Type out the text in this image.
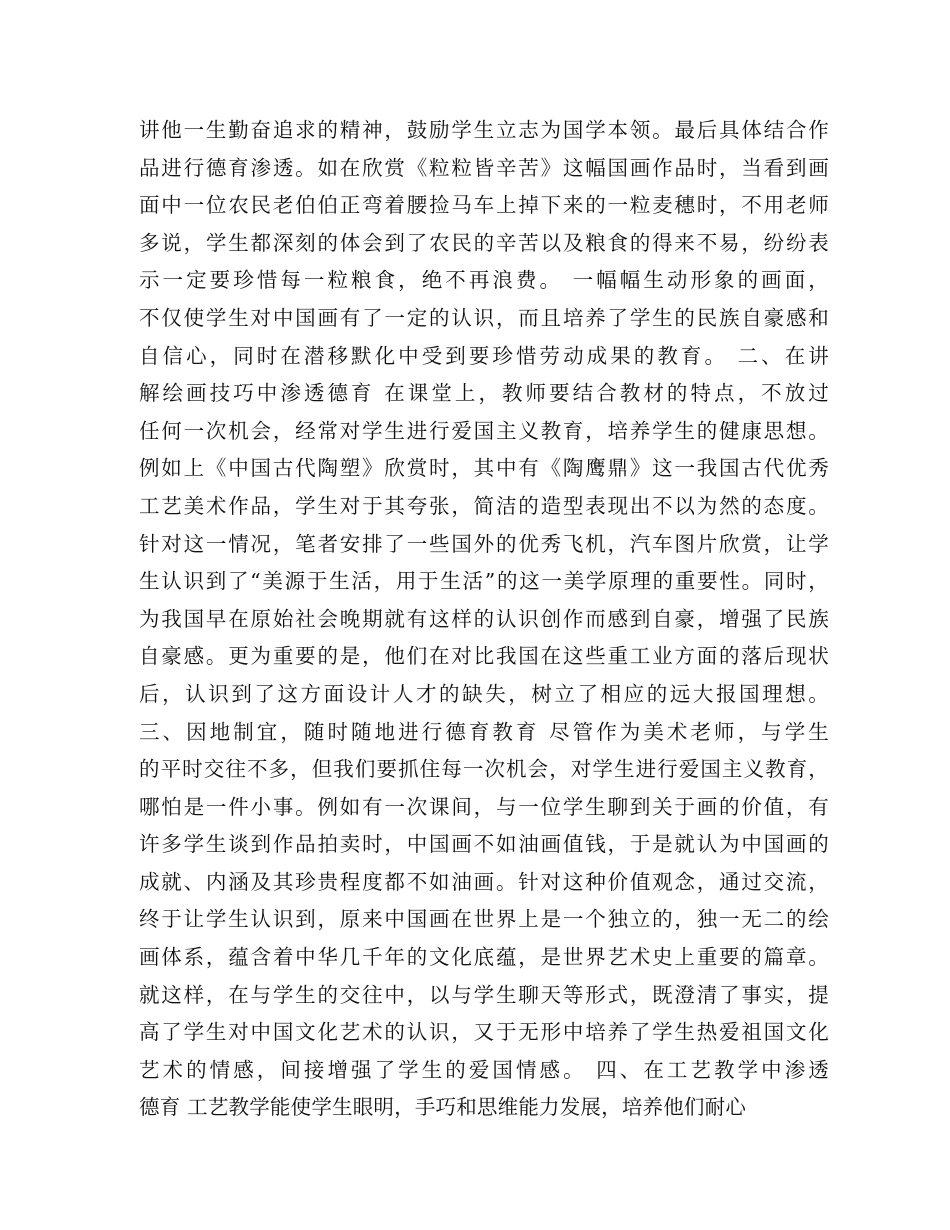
讲他一生勤奋追求的精神，鼓励学生立志为国学本领。最后具体结合作
品进行德育渗透。如在欣赏《粒粒皆辛苦》这幅国画作品时，当看到画
面中一位农民老伯伯正弯着腰捡马车上掉下来的一粒麦穗时，不用老师
多说，学生都深刻的体会到了农民的辛苦以及粮食的得来不易，纷纷表
示一定要珍惜每一粒粮食，绝不再浪费。 一幅幅生动形象的画面，
不仅使学生对中国画有了一定的认识，而且培养了学生的民族自豪感和
自信心，同时在潜移默化中受到要珍惜劳动成果的教育。 二、在讲
解绘画技巧中渗透德育 在课堂上，教师要结合教材的特点，不放过
任何一次机会，经常对学生进行爱国主义教育，培养学生的健康思想。
例如上《中国古代陶塑》欣赏时，其中有《陶鹰鼎》这一我国古代优秀
工艺美术作品，学生对于其夸张，简洁的造型表现出不以为然的态度。
针对这一情况，笔者安排了一些国外的优秀飞机，汽车图片欣赏，让学
生认识到了“美源于生活，用于生活”的这一美学原理的重要性。同时，
为我国早在原始社会晚期就有这样的认识创作而感到自豪，增强了民族
自豪感。更为重要的是，他们在对比我国在这些重工业方面的落后现状
后，认识到了这方面设计人才的缺失，树立了相应的远大报国理想。
三、因地制宜，随时随地进行德育教育 尽管作为美术老师，与学生
的平时交往不多，但我们要抓住每一次机会，对学生进行爱国主义教育，
哪怕是一件小事。例如有一次课间，与一位学生聊到关于画的价值，有
许多学生谈到作品拍卖时，中国画不如油画值钱，于是就认为中国画的
成就、内涵及其珍贵程度都不如油画。针对这种价值观念，通过交流，
终于让学生认识到，原来中国画在世界上是一个独立的，独一无二的绘
画体系，蕴含着中华几千年的文化底蕴，是世界艺术史上重要的篇章。
就这样，在与学生的交往中，以与学生聊天等形式，既澄清了事实，提
高了学生对中国文化艺术的认识，又于无形中培养了学生热爱祖国文化
艺术的情感，间接增强了学生的爱国情感。 四、在工艺教学中渗透
德育 工艺教学能使学生眼明，手巧和思维能力发展，培养他们耐心
